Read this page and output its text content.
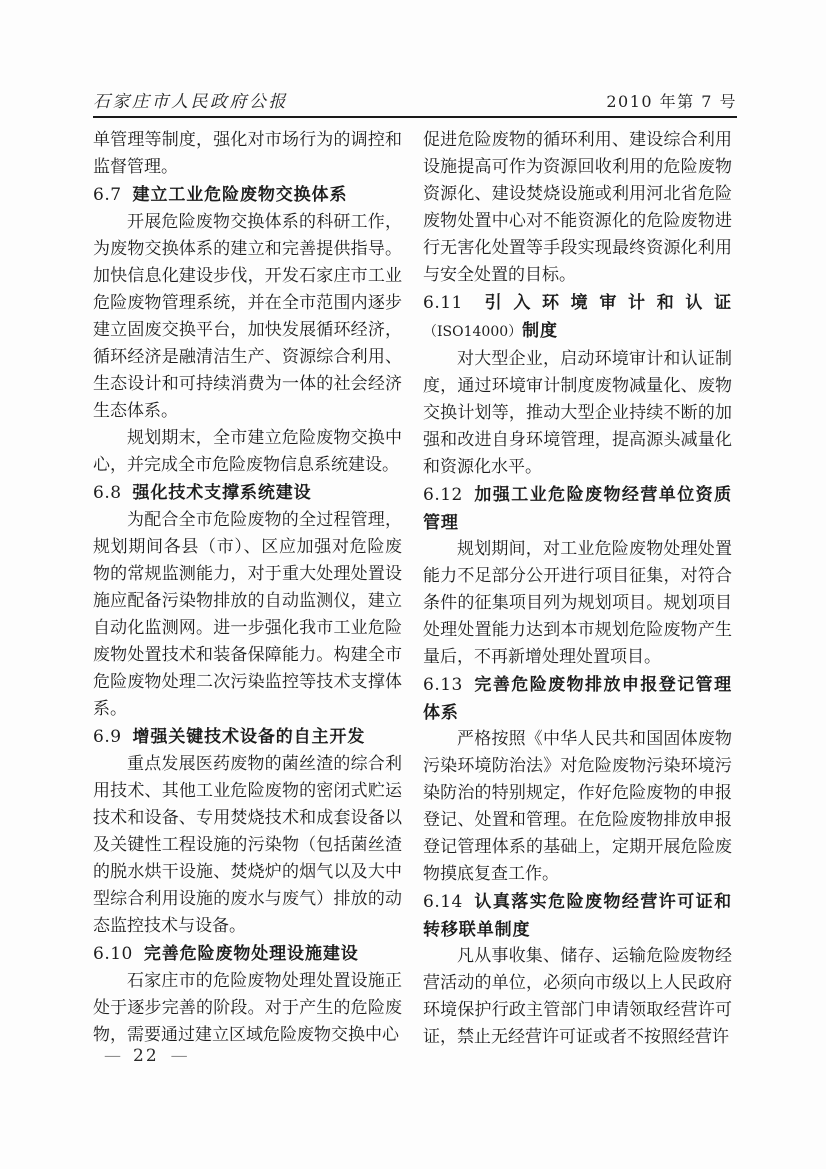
石家庄市人民政府公报	2010 年第 7 号

单管理等制度，强化对市场行为的调控和监督管理。

6.7 建立工业危险废物交换体系

开展危险废物交换体系的科研工作，为废物交换体系的建立和完善提供指导。加快信息化建设步伐，开发石家庄市工业危险废物管理系统，并在全市范围内逐步建立固废交换平台，加快发展循环经济，循环经济是融清洁生产、资源综合利用、生态设计和可持续消费为一体的社会经济生态体系。

规划期末，全市建立危险废物交换中心，并完成全市危险废物信息系统建设。

6.8 强化技术支撑系统建设

为配合全市危险废物的全过程管理，规划期间各县（市）、区应加强对危险废物的常规监测能力，对于重大处理处置设施应配备污染物排放的自动监测仪，建立自动化监测网。进一步强化我市工业危险废物处置技术和装备保障能力。构建全市危险废物处理二次污染监控等技术支撑体系。

6.9 增强关键技术设备的自主开发

重点发展医药废物的菌丝渣的综合利用技术、其他工业危险废物的密闭式贮运技术和设备、专用焚烧技术和成套设备以及关键性工程设施的污染物（包括菌丝渣的脱水烘干设施、焚烧炉的烟气以及大中型综合利用设施的废水与废气）排放的动态监控技术与设备。

6.10 完善危险废物处理设施建设

石家庄市的危险废物处理处置设施正处于逐步完善的阶段。对于产生的危险废物，需要通过建立区域危险废物交换中心

促进危险废物的循环利用、建设综合利用设施提高可作为资源回收利用的危险废物资源化、建设焚烧设施或利用河北省危险废物处置中心对不能资源化的危险废物进行无害化处置等手段实现最终资源化利用与安全处置的目标。

6.11 引入环境审计和认证（ISO14000）制度

对大型企业，启动环境审计和认证制度，通过环境审计制度废物减量化、废物交换计划等，推动大型企业持续不断的加强和改进自身环境管理，提高源头减量化和资源化水平。

6.12 加强工业危险废物经营单位资质管理

规划期间，对工业危险废物处理处置能力不足部分公开进行项目征集，对符合条件的征集项目列为规划项目。规划项目处理处置能力达到本市规划危险废物产生量后，不再新增处理处置项目。

6.13 完善危险废物排放申报登记管理体系

严格按照《中华人民共和国固体废物污染环境防治法》对危险废物污染环境污染防治的特别规定，作好危险废物的申报登记、处置和管理。在危险废物排放申报登记管理体系的基础上，定期开展危险废物摸底复查工作。

6.14 认真落实危险废物经营许可证和转移联单制度

凡从事收集、储存、运输危险废物经营活动的单位，必须向市级以上人民政府环境保护行政主管部门申请领取经营许可证，禁止无经营许可证或者不按照经营许

— 22 —
